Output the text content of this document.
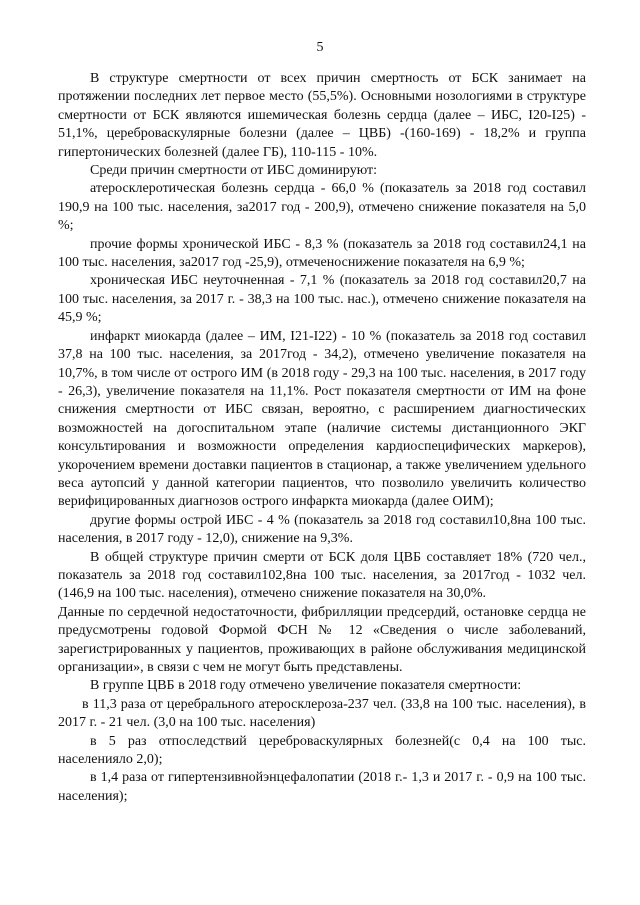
5

В структуре смертности от всех причин смертность от БСК занимает на протяжении последних лет первое место (55,5%). Основными нозологиями в структуре смертности от БСК являются ишемическая болезнь сердца (далее – ИБС, I20-I25) - 51,1%, цереброваскулярные болезни (далее – ЦВБ) -(160-169) - 18,2% и группа гипертонических болезней (далее ГБ), 110-115 - 10%.

Среди причин смертности от ИБС доминируют:

атеросклеротическая болезнь сердца - 66,0 % (показатель за 2018 год составил 190,9 на 100 тыс. населения, за2017 год - 200,9), отмечено снижение показателя на 5,0 %;

прочие формы хронической ИБС - 8,3 % (показатель за 2018 год составил24,1 на 100 тыс. населения, за2017 год -25,9), отмеченоснижение показателя на 6,9 %;

хроническая ИБС неуточненная - 7,1 % (показатель за 2018 год составил20,7 на 100 тыс. населения, за 2017 г. - 38,3 на 100 тыс. нас.), отмечено снижение показателя на 45,9 %;

инфаркт миокарда (далее – ИМ, I21-I22) - 10 % (показатель за 2018 год составил 37,8 на 100 тыс. населения, за 2017год - 34,2), отмечено увеличение показателя на 10,7%, в том числе от острого ИМ (в 2018 году - 29,3 на 100 тыс. населения, в 2017 году - 26,3), увеличение показателя на 11,1%. Рост показателя смертности от ИМ на фоне снижения смертности от ИБС связан, вероятно, с расширением диагностических возможностей на догоспитальном этапе (наличие системы дистанционного ЭКГ консультирования и возможности определения кардиоспецифических маркеров), укорочением времени доставки пациентов в стационар, а также увеличением удельного веса аутопсий у данной категории пациентов, что позволило увеличить количество верифицированных диагнозов острого инфаркта миокарда (далее ОИМ);

другие формы острой ИБС - 4 % (показатель за 2018 год составил10,8на 100 тыс. населения, в 2017 году - 12,0), снижение на 9,3%.

В общей структуре причин смерти от БСК доля ЦВБ составляет 18% (720 чел., показатель за 2018 год составил102,8на 100 тыс. населения, за 2017год - 1032 чел. (146,9 на 100 тыс. населения), отмечено снижение показателя на 30,0%.

Данные по сердечной недостаточности, фибрилляции предсердий, остановке сердца не предусмотрены годовой Формой ФСН № 12 «Сведения о числе заболеваний, зарегистрированных у пациентов, проживающих в районе обслуживания медицинской организации», в связи с чем не могут быть представлены.

В группе ЦВБ в 2018 году отмечено увеличение показателя смертности:

в 11,3 раза от церебрального атеросклероза-237 чел. (33,8 на 100 тыс. населения), в 2017 г. - 21 чел. (3,0 на 100 тыс. населения)

в 5 раз отпоследствий цереброваскулярных болезней(с 0,4 на 100 тыс. населенияло 2,0);

в 1,4 раза от гипертензивнойэнцефалопатии (2018 г.- 1,3 и 2017 г. - 0,9 на 100 тыс. населения);
